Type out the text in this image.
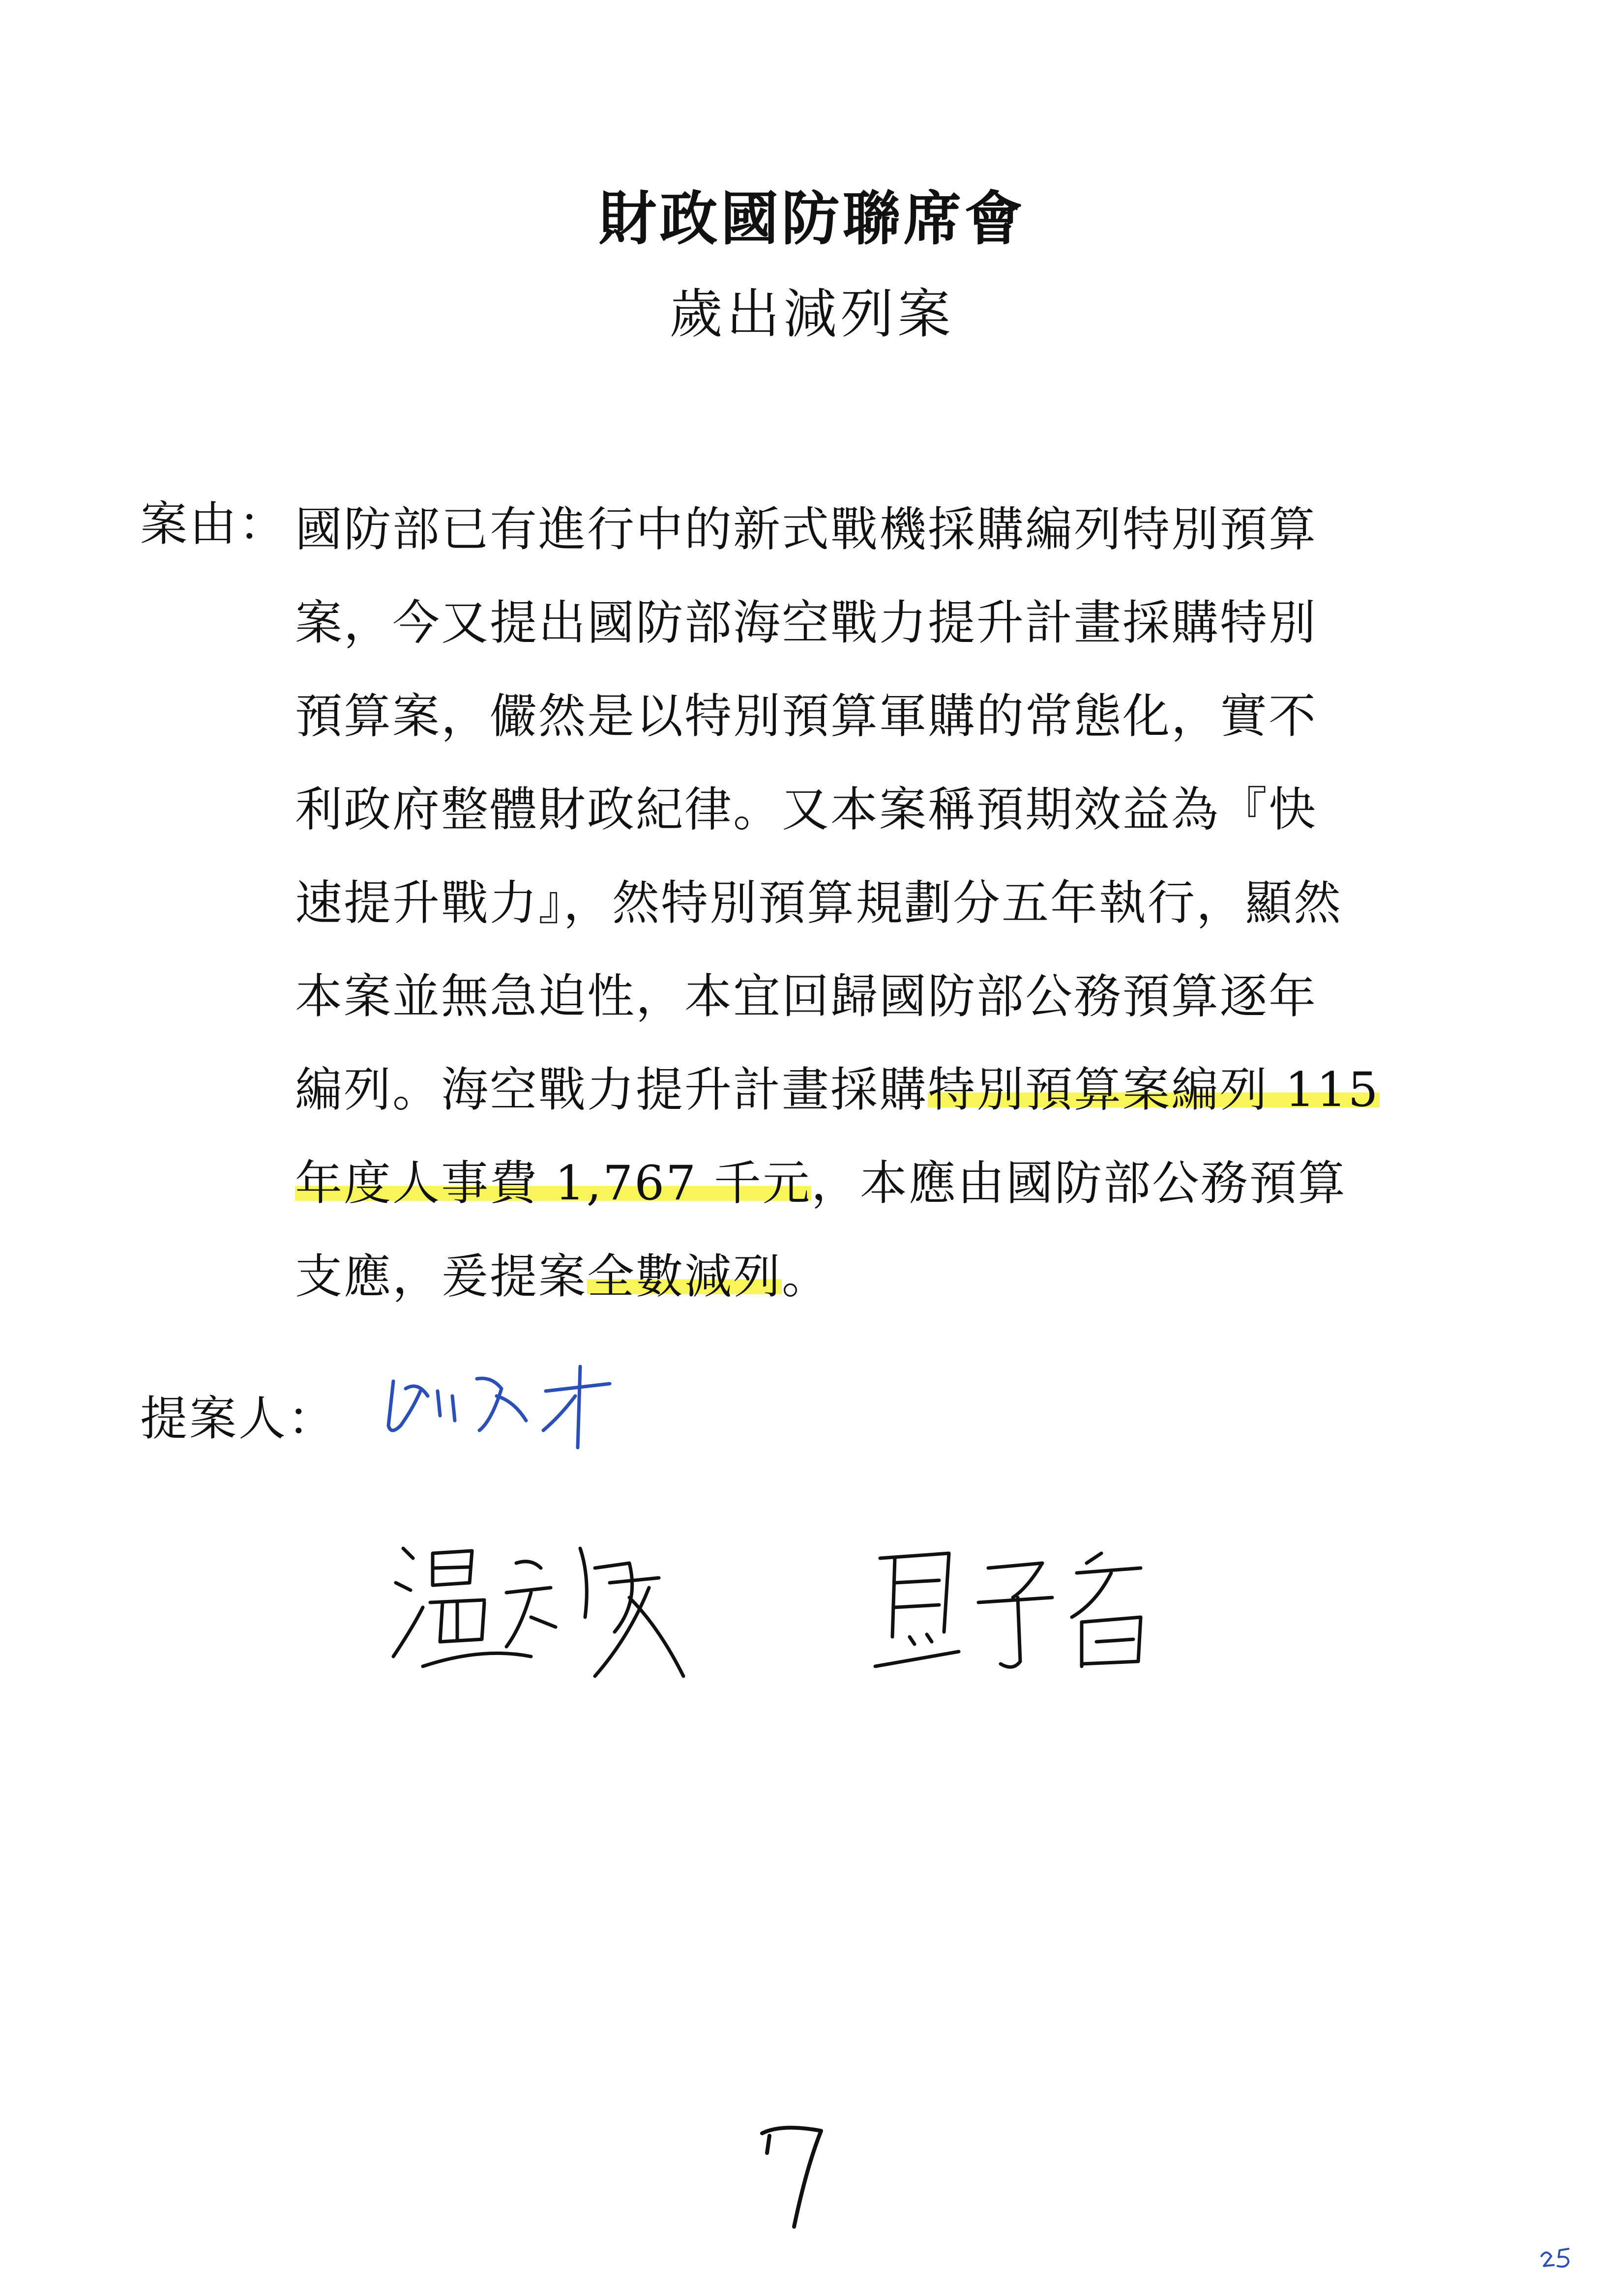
財政國防聯席會
歲出減列案
案由： 國防部已有進行中的新式戰機採購編列特別預算
案，今又提出國防部海空戰力提升計畫採購特別
預算案，儼然是以特別預算軍購的常態化，實不
利政府整體財政紀律。又本案稱預期效益為『快
速提升戰力』，然特別預算規劃分五年執行，顯然
本案並無急迫性，本宜回歸國防部公務預算逐年
編列。海空戰力提升計畫採購特別預算案編列 115
年度人事費 1,767 千元，本應由國防部公務預算
支應，爰提案全數減列。
提案人：
